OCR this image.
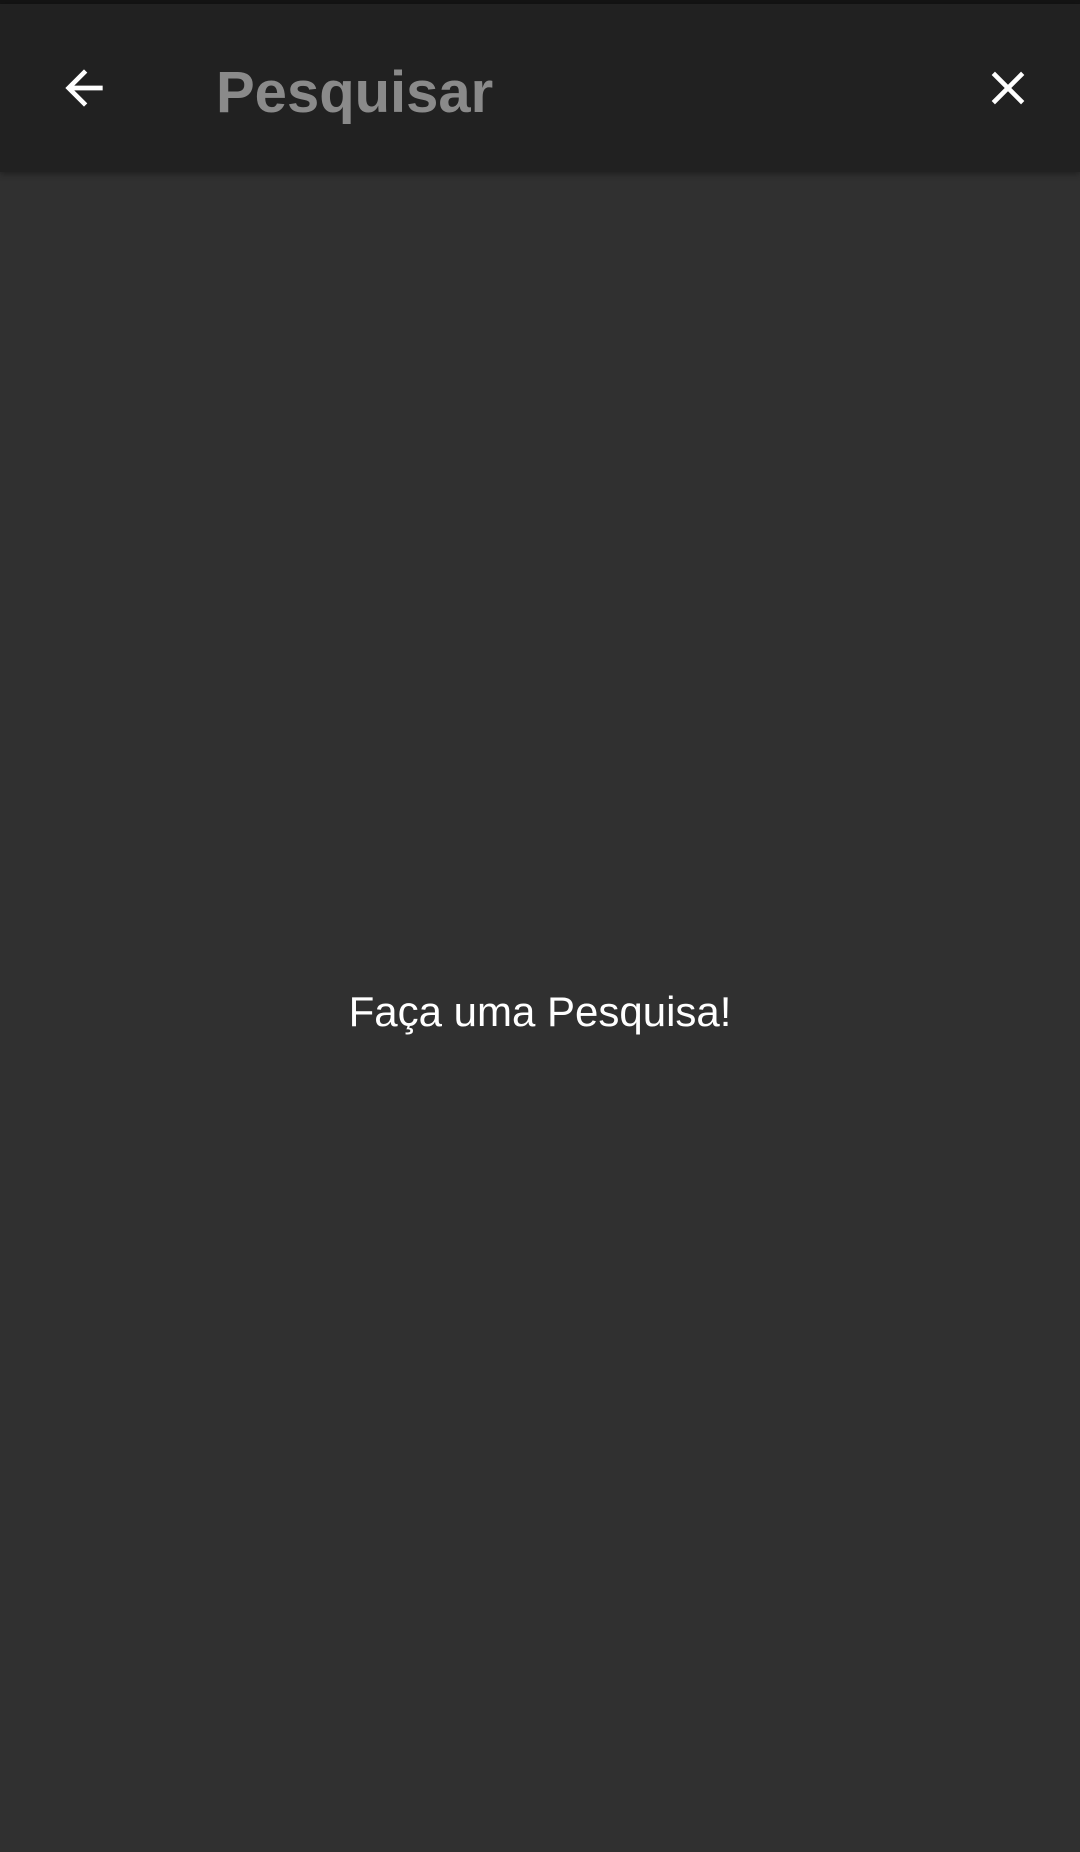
Pesquisar
Faça uma Pesquisa!
